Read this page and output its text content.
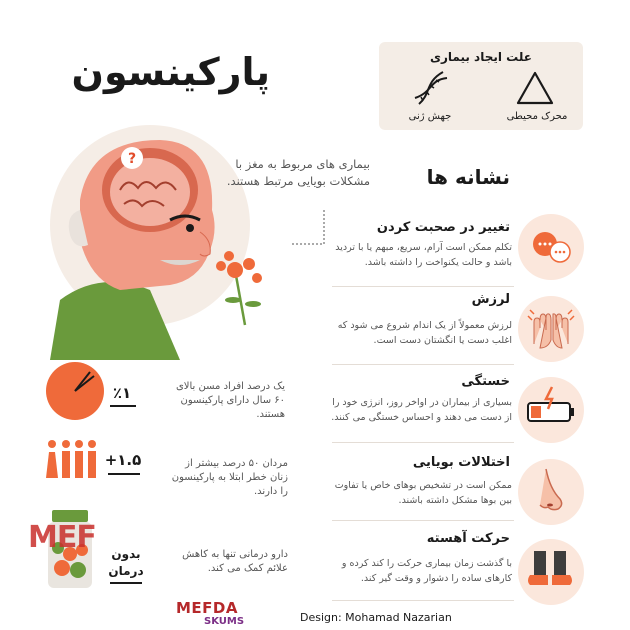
پارکینسون	علت ایجاد بیماری
محرک محیطی
جهش ژنی
?	بیماری های مربوط به مغز با مشکلات بویایی مرتبط هستند.	نشانه ها
تغییر در صحبت کردن
تکلم ممکن است آرام، سریع، مبهم یا با تردید باشد و حالت یکنواخت را داشته باشد.
لرزش
لرزش معمولاً از یک اندام شروع می شود که اغلب دست یا انگشتان دست است.
خستگی
بسیاری از بیماران در اواخر روز، انرژی خود را از دست می دهند و احساس خستگی می کنند.
اختلالات بویایی
ممکن است در تشخیص بوهای خاص یا تفاوت بین بوها مشکل داشته باشند.
حرکت آهسته
با گذشت زمان بیماری حرکت را کند کرده و کارهای ساده را دشوار و وقت گیر کند.
٪۱	یک درصد افراد مسن بالای ۶۰ سال دارای پارکینسون هستند.
+۱.۵	مردان ۵۰ درصد بیشتر از زنان خطر ابتلا به پارکینسون را دارند.
MEF	بدون درمان
دارو درمانی تنها به کاهش علائم کمک می کند.
MEFDA
SKUMS	Design: Mohamad Nazarian
